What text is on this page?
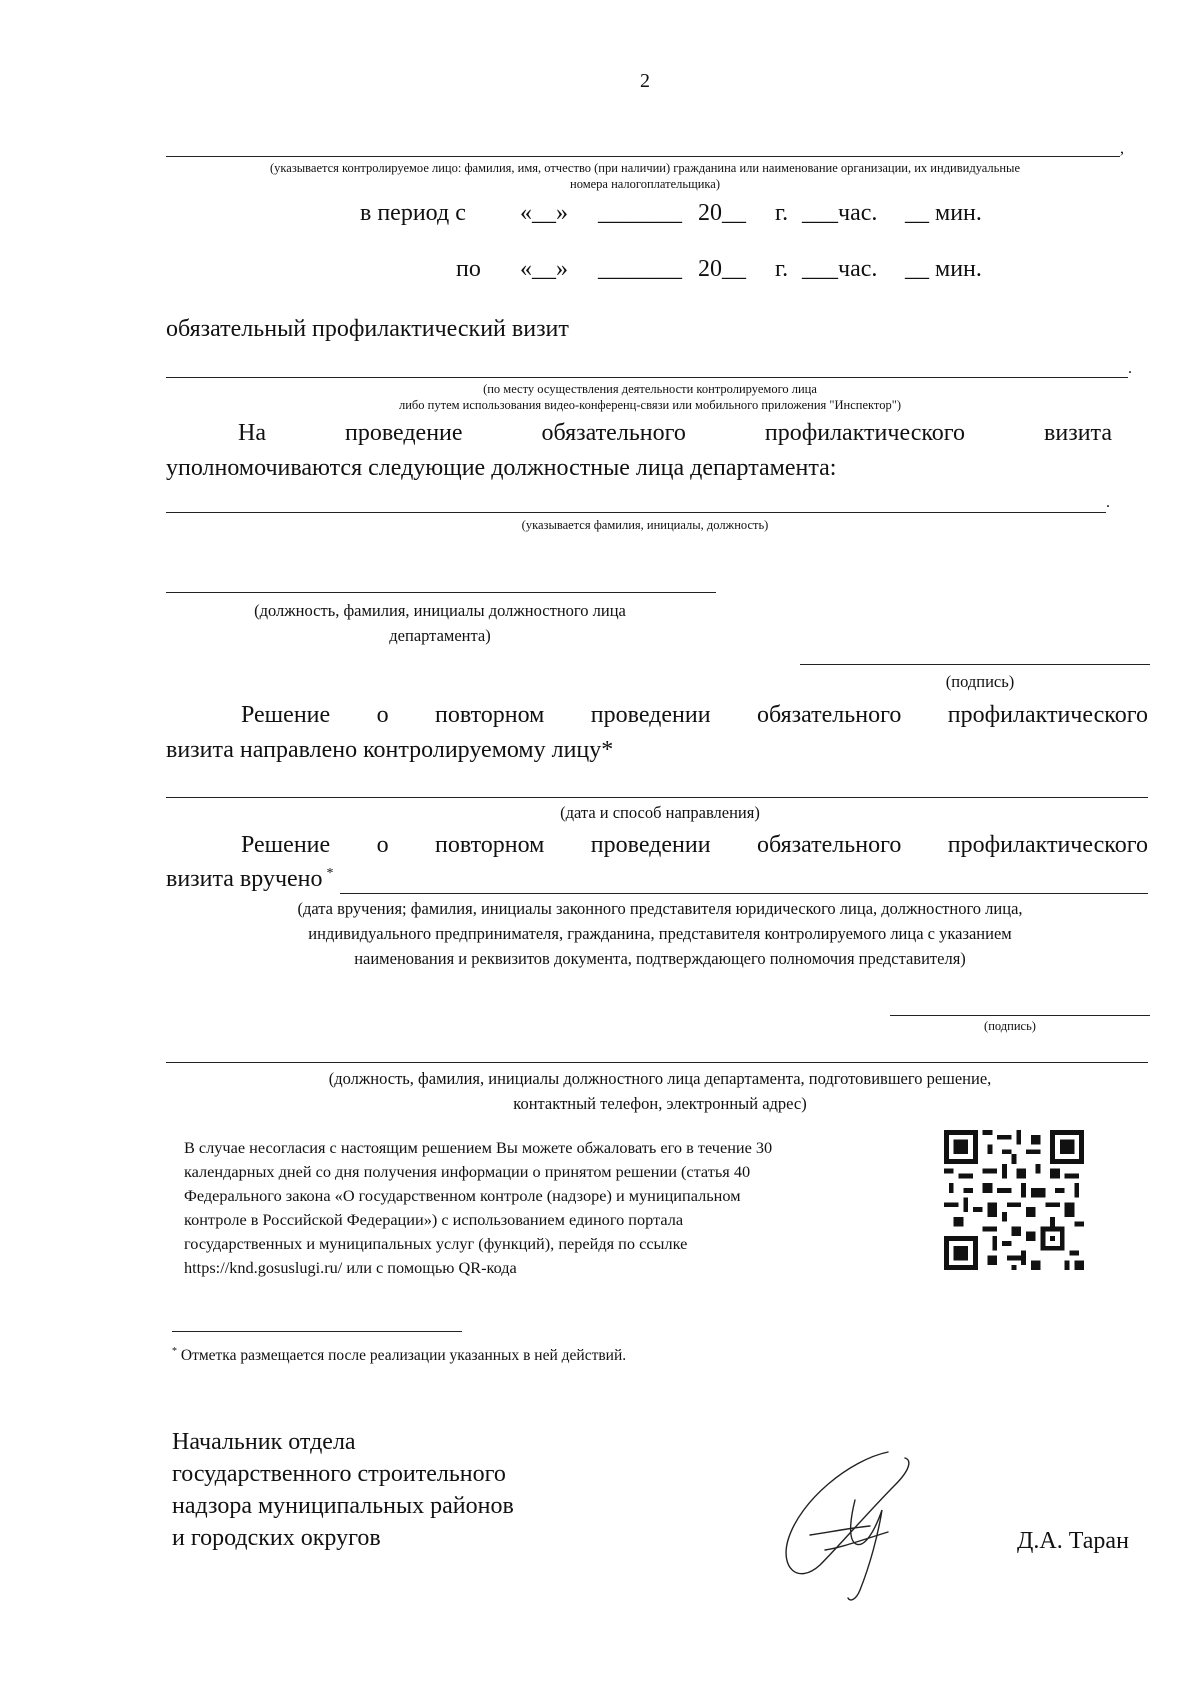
2
,
(указывается контролируемое лицо: фамилия, имя, отчество (при наличии) гражданина или наименование организации, их индивидуальные
номера налогоплательщика)
в период с «__» _______ 20__ г. ___час. __ мин.
по «__» _______ 20__ г. ___час. __ мин.
обязательный профилактический визит
.
(по месту осуществления деятельности контролируемого лица
либо путем использования видео-конференц-связи или мобильного приложения "Инспектор")
На	проведение	обязательного	профилактического	визита
уполномочиваются следующие должностные лица департамента:
.
(указывается фамилия, инициалы, должность)
(должность, фамилия, инициалы должностного лица
департамента)
(подпись)
Решение о повторном проведении обязательного профилактического
визита направлено контролируемому лицу*
(дата и способ направления)
Решение о повторном проведении обязательного профилактического
визита вручено *
(дата вручения; фамилия, инициалы законного представителя юридического лица, должностного лица,
индивидуального предпринимателя, гражданина, представителя контролируемого лица с указанием
наименования и реквизитов документа, подтверждающего полномочия представителя)
(подпись)
(должность, фамилия, инициалы должностного лица департамента, подготовившего решение,
контактный телефон, электронный адрес)
В случае несогласия с настоящим решением Вы можете обжаловать его в течение 30
календарных дней со дня получения информации о принятом решении (статья 40
Федерального закона «О государственном контроле (надзоре) и муниципальном
контроле в Российской Федерации») с использованием единого портала
государственных и муниципальных услуг (функций), перейдя по ссылке
https://knd.gosuslugi.ru/ или с помощью QR-кода
* Отметка размещается после реализации указанных в ней действий.
Начальник отдела
государственного строительного
надзора муниципальных районов
и городских округов	Д.А. Таран
